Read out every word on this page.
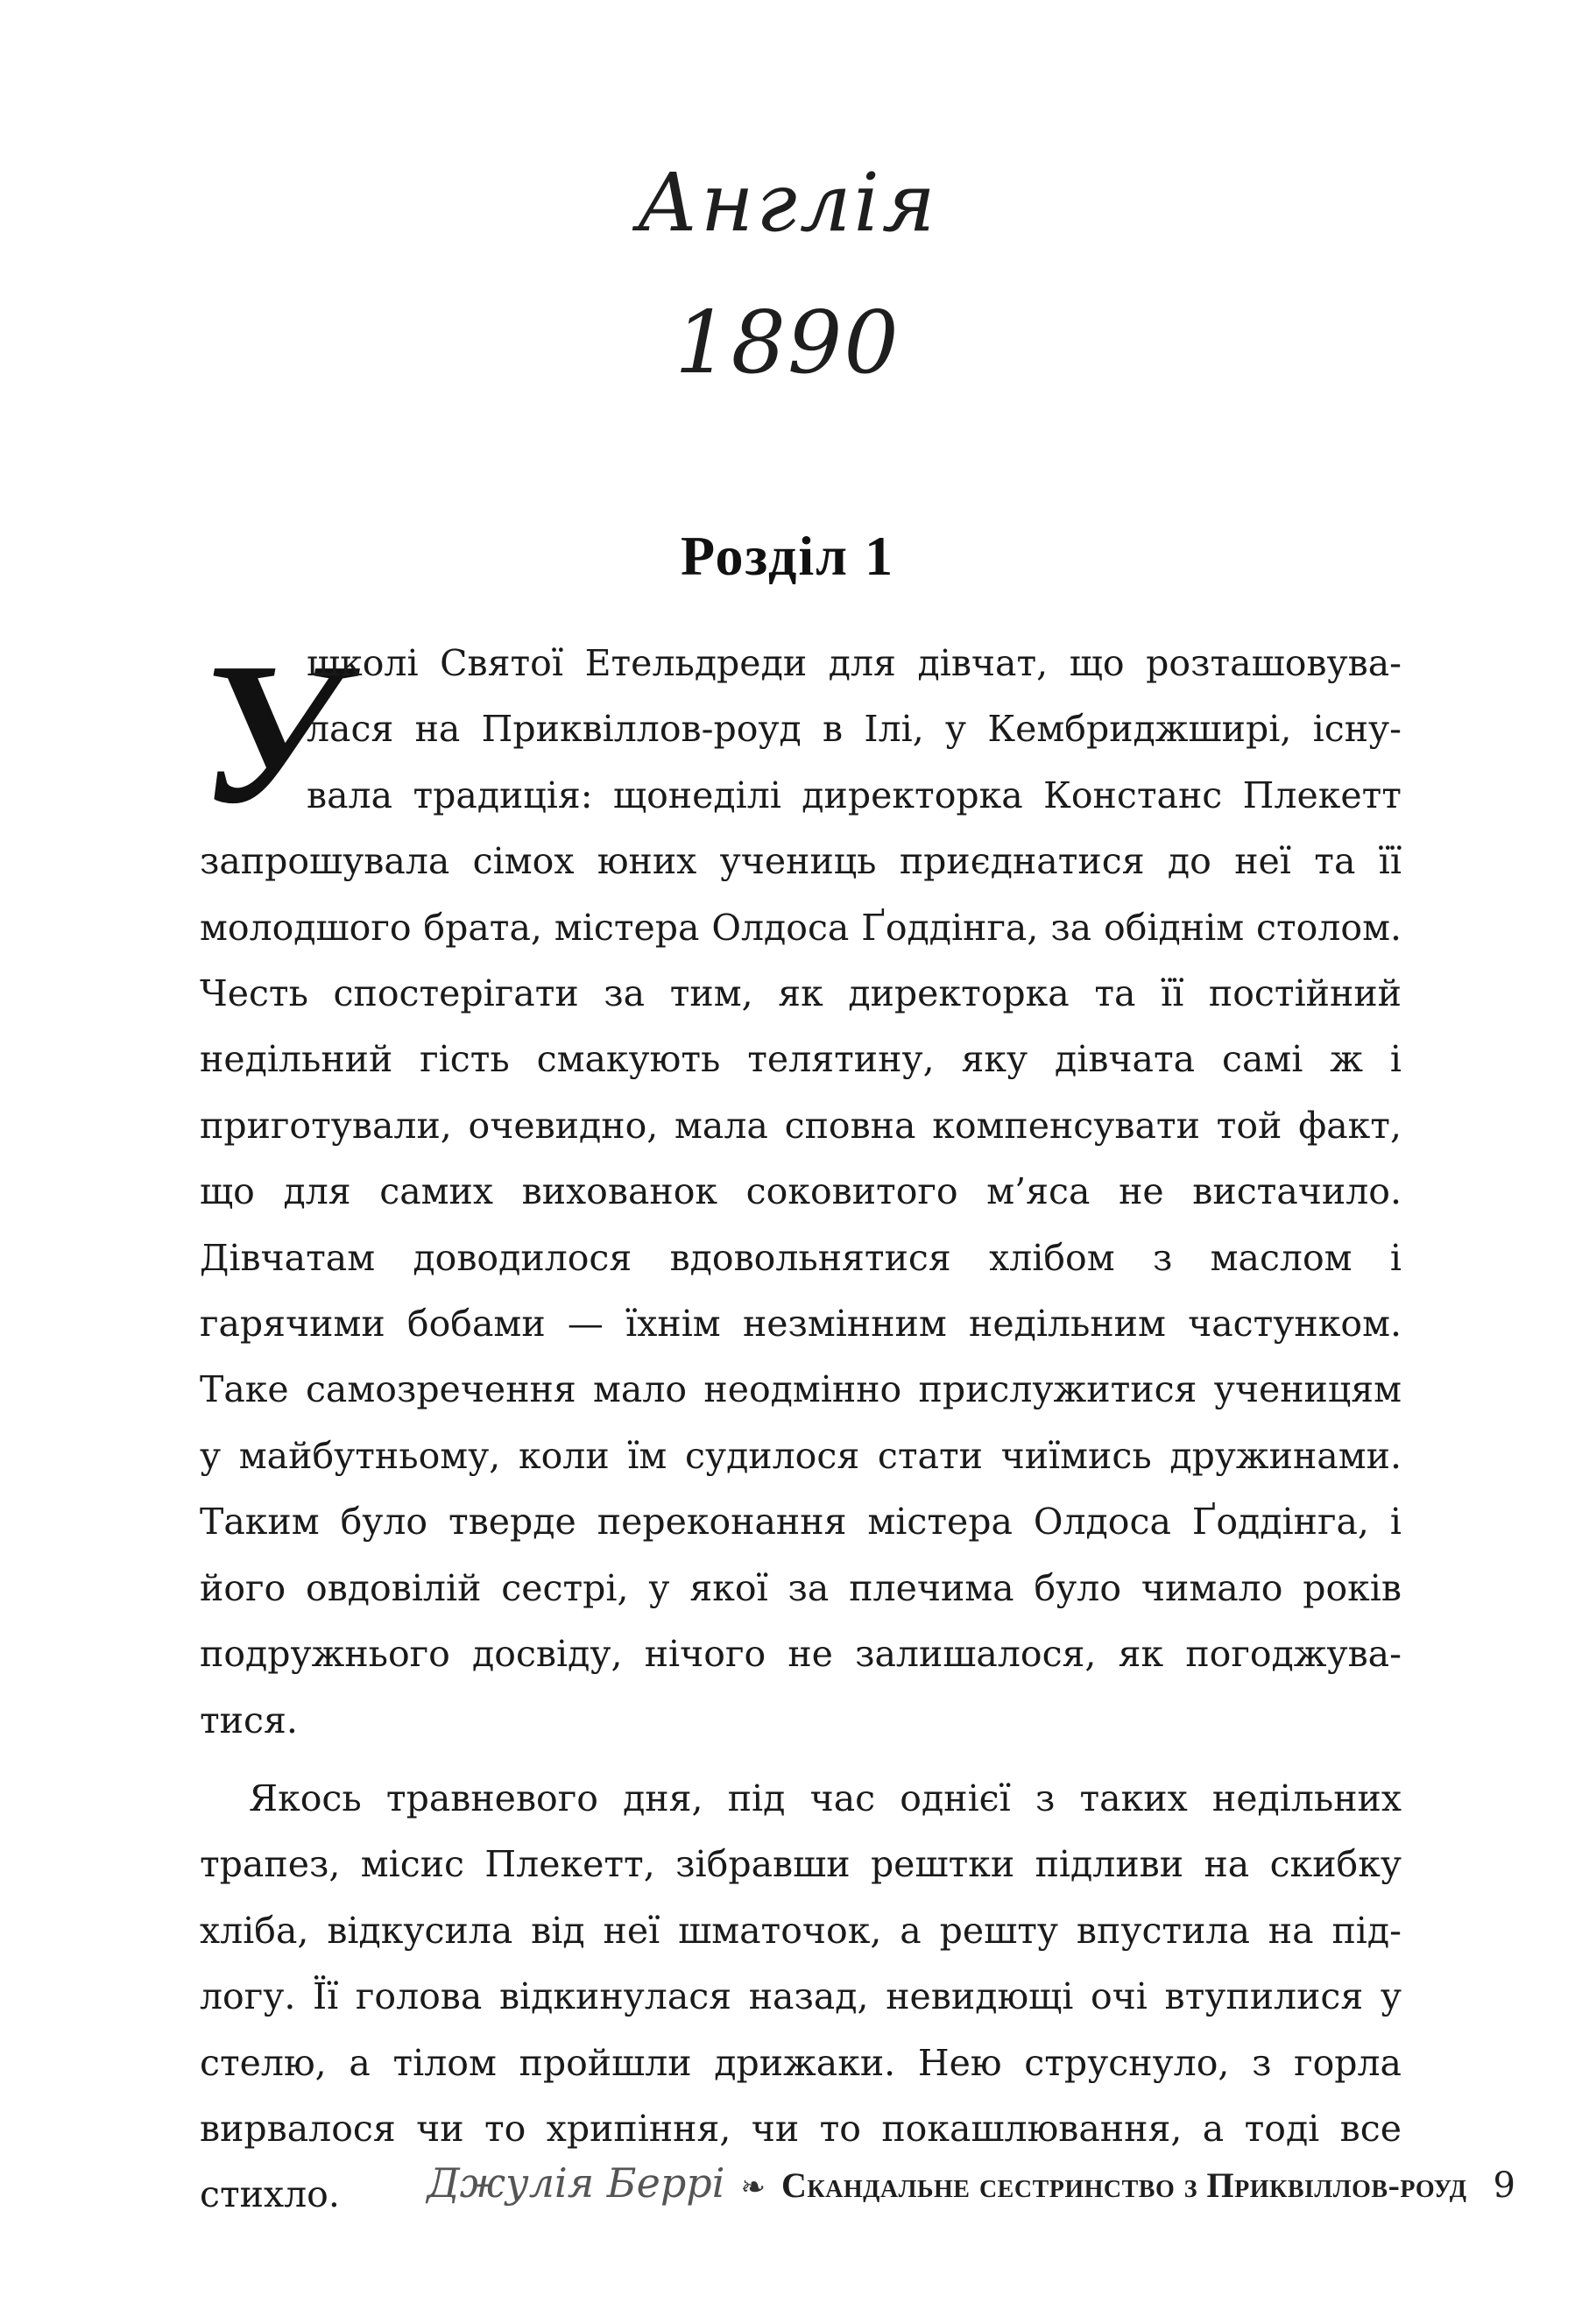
Англія
1890
Розділ 1

У
школі Святої Етельдреди для дівчат, що розташовувалася на Приквіллов-роуд в Ілі, у Кембриджширі, існувала традиція: щонеділі директорка Констанс Плекетт запрошувала сімох юних учениць приєднатися до неї та її молодшого брата, містера Олдоса Ґоддінга, за обіднім столом. Честь спостерігати за тим, як директорка та її постійний недільний гість смакують телятину, яку дівчата самі ж і приготували, очевидно, мала сповна компенсувати той факт, що для самих вихованок соковитого м’яса не вистачило. Дівчатам доводилося вдовольнятися хлібом з маслом і гарячими бобами — їхнім незмінним недільним частунком. Таке самозречення мало неодмінно прислужитися ученицям у майбутньому, коли їм судилося стати чиїмись дружинами. Таким було тверде переконання містера Олдоса Ґоддінга, і його овдовілій сестрі, у якої за плечима було чимало років подружнього досвіду, нічого не залишалося, як погоджуватися.

Якось травневого дня, під час однієї з таких недільних трапез, місис Плекетт, зібравши рештки підливи на скибку хліба, відкусила від неї шматочок, а решту впустила на підлогу. Її голова відкинулася назад, невидющі очі втупилися у стелю, а тілом пройшли дрижаки. Нею струснуло, з горла вирвалося чи то хрипіння, чи то покашлювання, а тоді все стихло.	Джулія Беррі ❧ Скандальне сестринство з Приквіллов-роуд 9
